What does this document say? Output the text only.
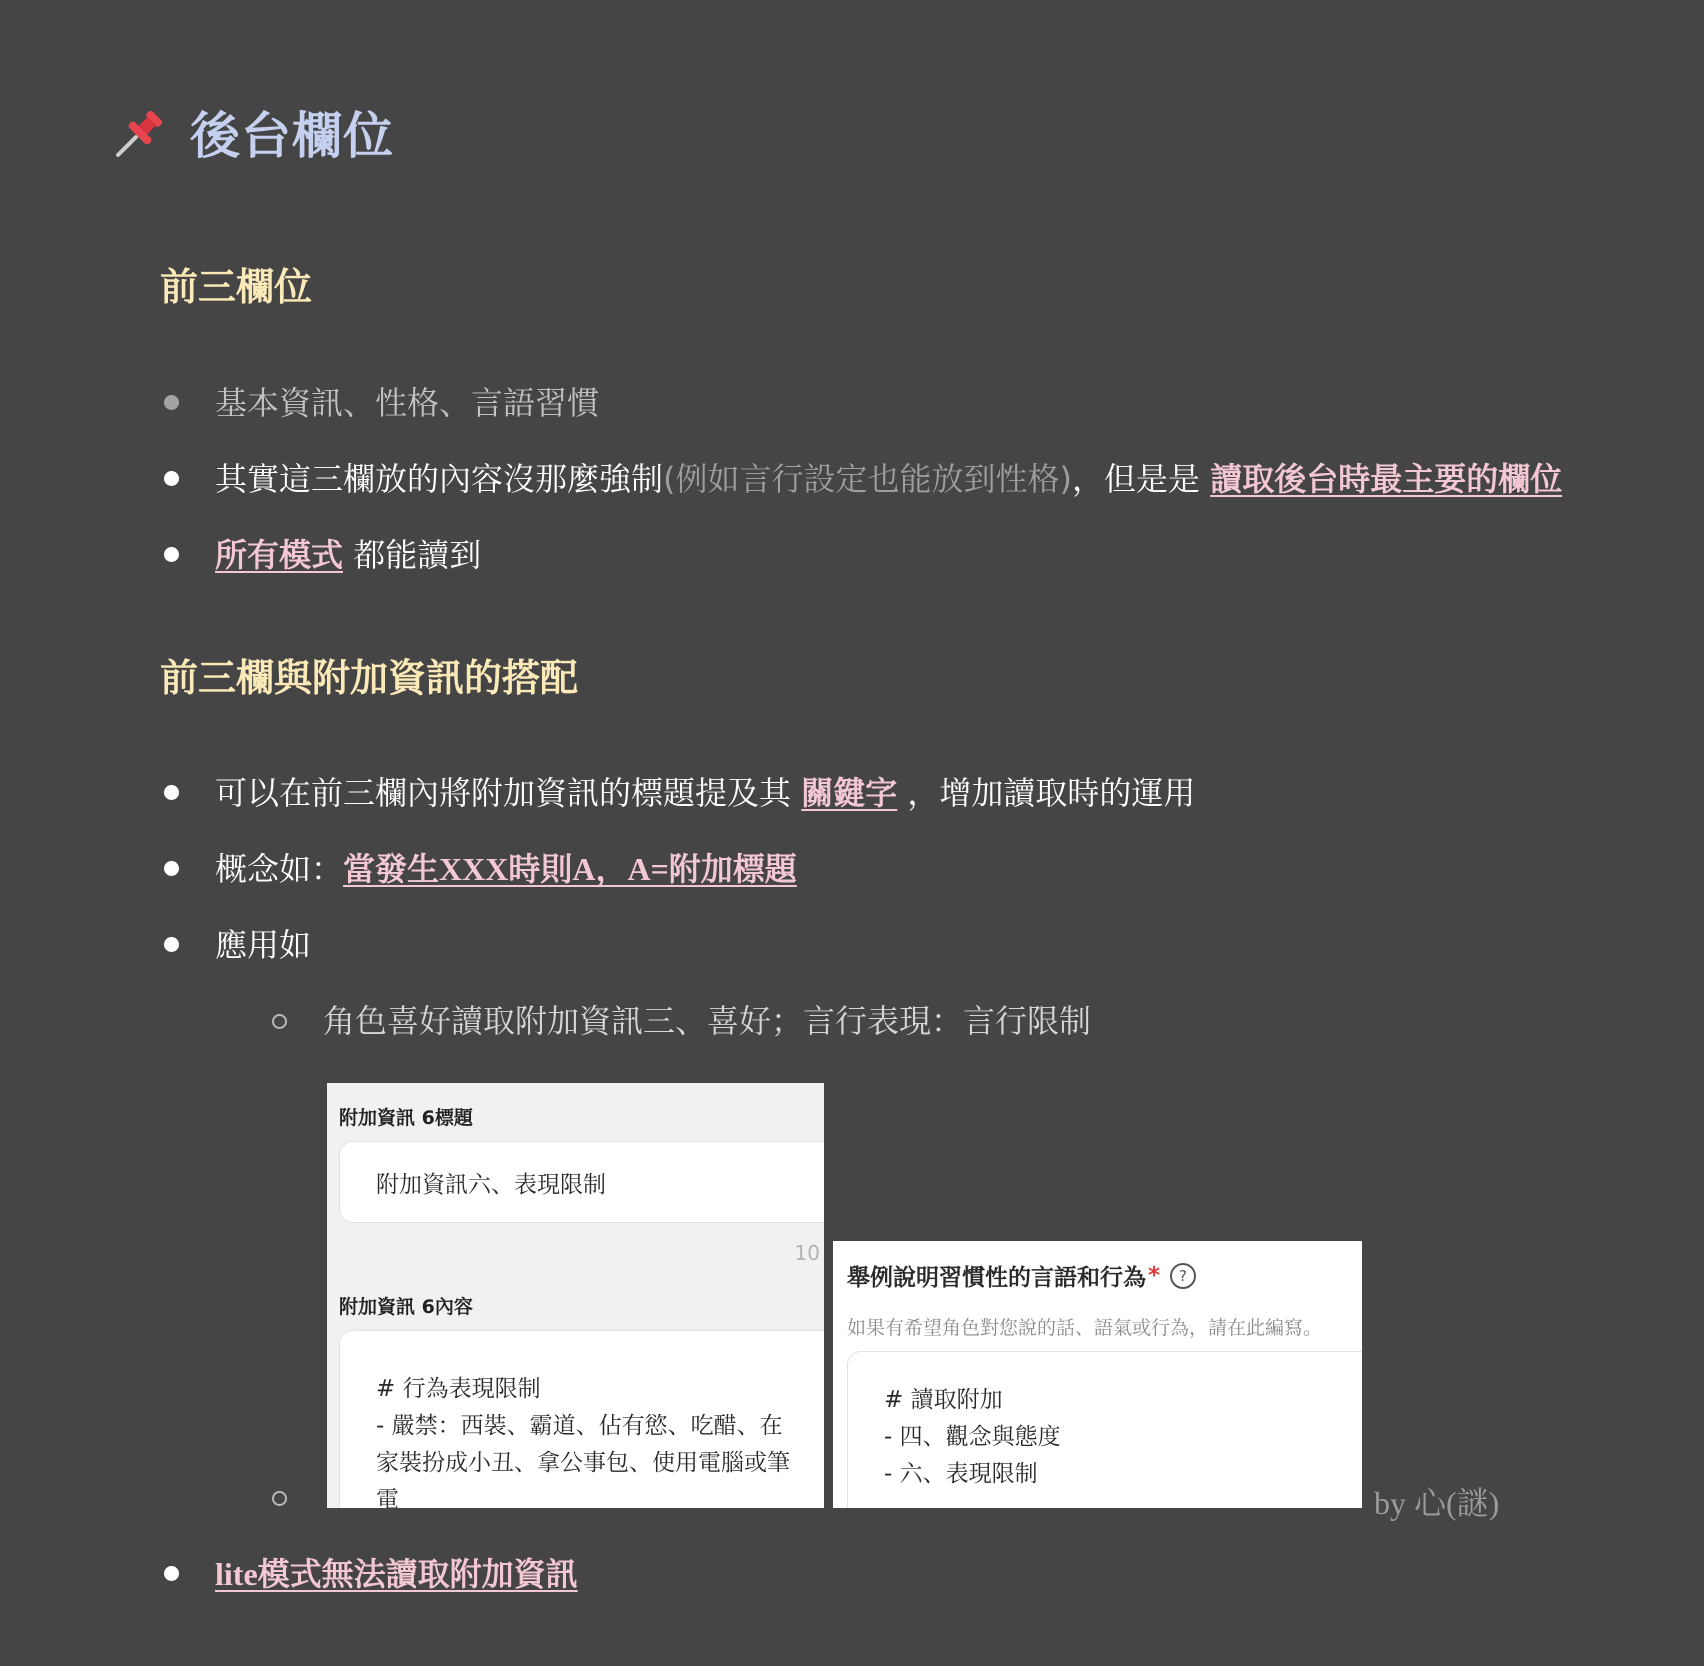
後台欄位
前三欄位
基本資訊、性格、言語習慣
其實這三欄放的內容沒那麼強制(例如言行設定也能放到性格)，但是是 讀取後台時最主要的欄位
所有模式 都能讀到
前三欄與附加資訊的搭配
可以在前三欄內將附加資訊的標題提及其 關鍵字 ，增加讀取時的運用
概念如：當發生XXX時則A，A=附加標題
應用如
角色喜好讀取附加資訊三、喜好；言行表現：言行限制
附加資訊 6標題
附加資訊六、表現限制
10
附加資訊 6內容
# 行為表現限制
- 嚴禁：西裝、霸道、佔有慾、吃醋、在
家裝扮成小丑、拿公事包、使用電腦或筆
電
舉例說明習慣性的言語和行為 *	?
如果有希望角色對您說的話、語氣或行為，請在此編寫。
# 讀取附加
- 四、觀念與態度
- 六、表現限制
by 心(謎)
lite模式無法讀取附加資訊
